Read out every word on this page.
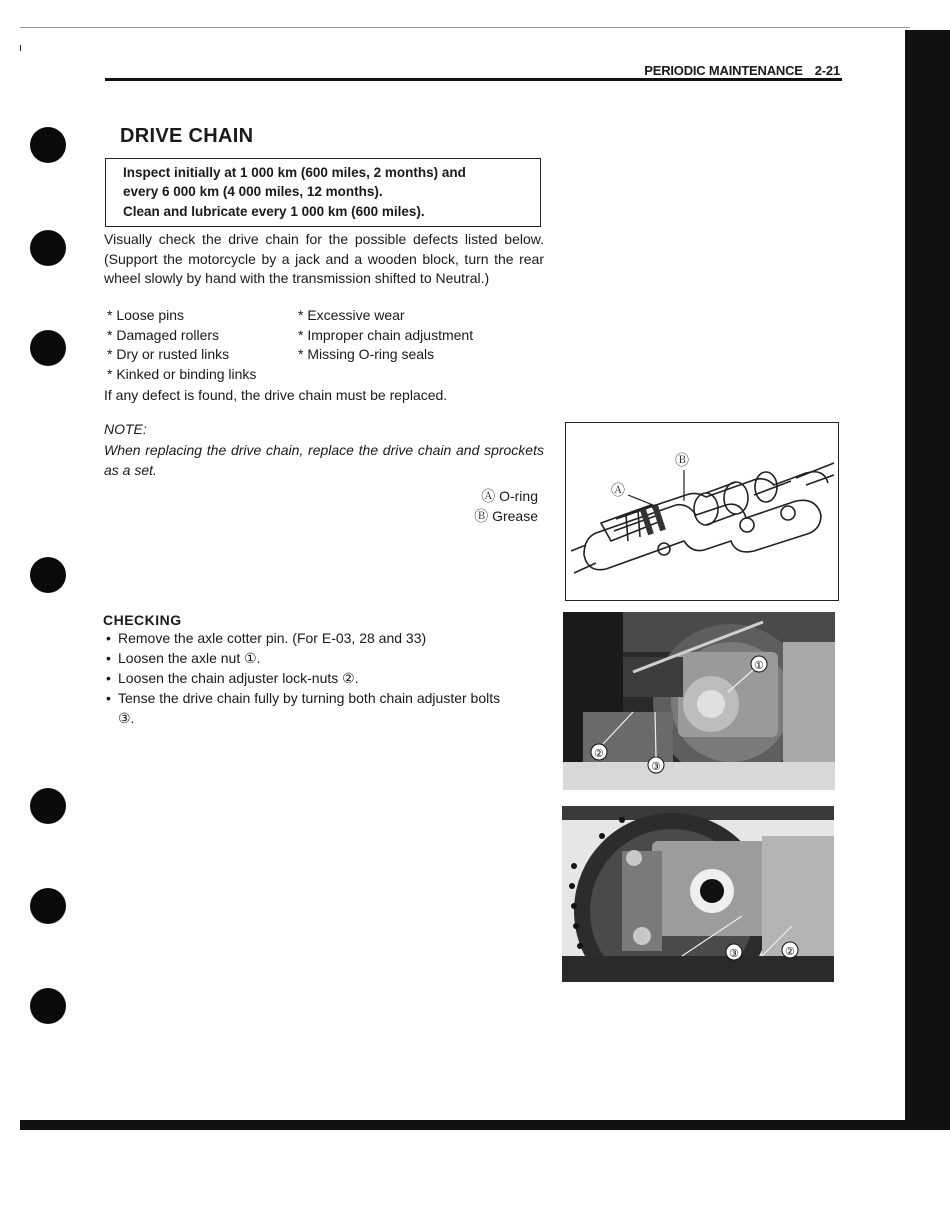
PERIODIC MAINTENANCE 2-21
DRIVE CHAIN
Inspect initially at 1 000 km (600 miles, 2 months) and
every 6 000 km (4 000 miles, 12 months).
Clean and lubricate every 1 000 km (600 miles).
Visually check the drive chain for the possible defects listed below. (Support the motorcycle by a jack and a wooden block, turn the rear wheel slowly by hand with the transmission shifted to Neutral.)
* Loose pins
* Damaged rollers
* Dry or rusted links
* Kinked or binding links
* Excessive wear
* Improper chain adjustment
* Missing O-ring seals
If any defect is found, the drive chain must be replaced.
NOTE:
When replacing the drive chain, replace the drive chain and sprockets as a set.
Ⓐ O-ring
Ⓑ Grease
Ⓑ
Ⓐ
CHECKING
• Remove the axle cotter pin. (For E-03, 28 and 33)
• Loosen the axle nut ①.
• Loosen the chain adjuster lock-nuts ②.
• Tense the drive chain fully by turning both chain adjuster bolts
③.
①
②
③
③	②
